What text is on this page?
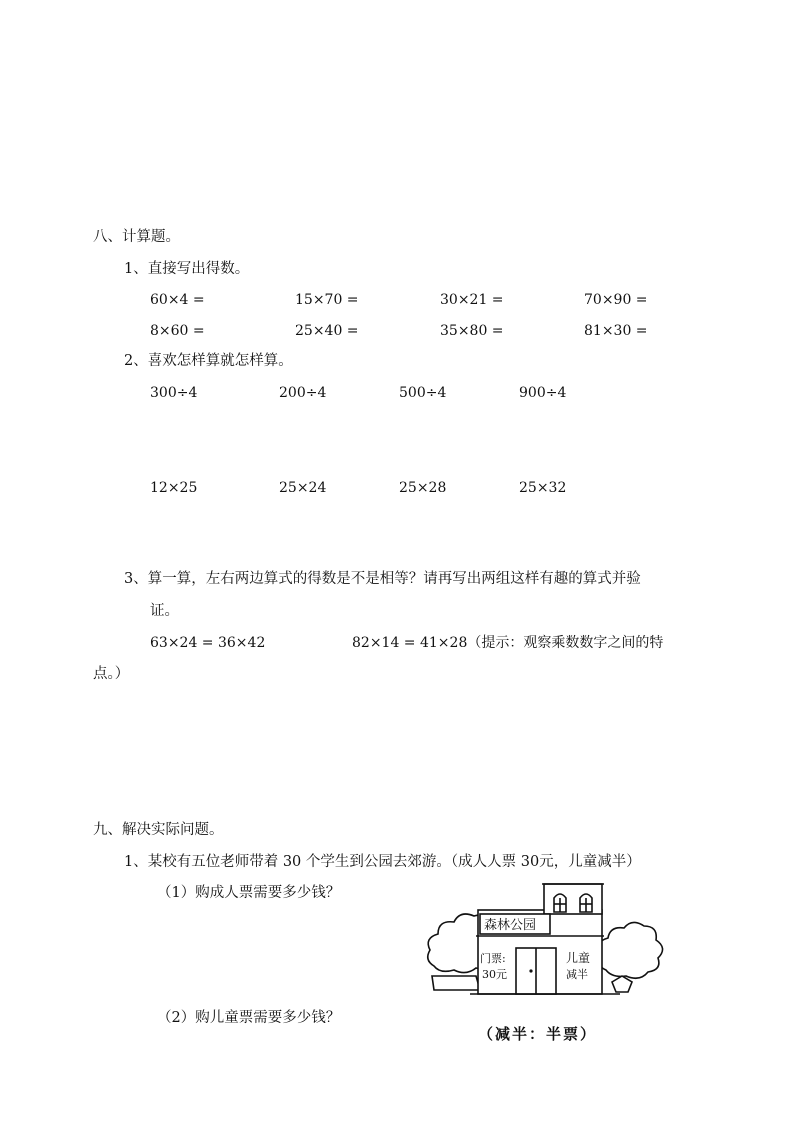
八、计算题。
1、直接写出得数。
60×4 =	15×70 =	30×21 =	70×90 =
8×60 =	25×40 =	35×80 =	81×30 =
2、喜欢怎样算就怎样算。
300÷4	200÷4	500÷4	900÷4
12×25	25×24	25×28	25×32
3、算一算，左右两边算式的得数是不是相等？请再写出两组这样有趣的算式并验
证。
63×24 = 36×42	82×14 = 41×28（提示：观察乘数数字之间的特
点。）
九、解决实际问题。
1、某校有五位老师带着 30 个学生到公园去郊游。（成人人票 30元，儿童减半）
（1）购成人票需要多少钱？
（2）购儿童票需要多少钱？
森林公园
门票:
30元
儿童
减半
（减半：半票）
